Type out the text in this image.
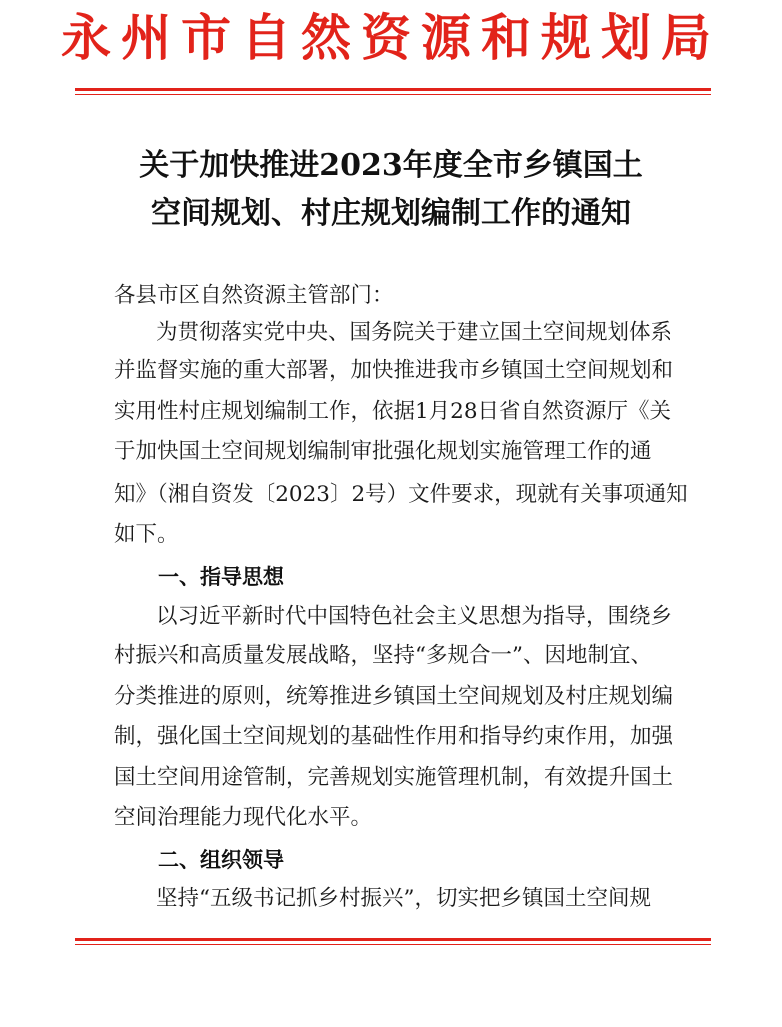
永州市自然资源和规划局
关于加快推进2023年度全市乡镇国土
空间规划、村庄规划编制工作的通知
各县市区自然资源主管部门：
为贯彻落实党中央、国务院关于建立国土空间规划体系
并监督实施的重大部署，加快推进我市乡镇国土空间规划和
实用性村庄规划编制工作，依据1月28日省自然资源厅《关
于加快国土空间规划编制审批强化规划实施管理工作的通
知》（湘自资发〔2023〕2号）文件要求，现就有关事项通知
如下。
一、指导思想
以习近平新时代中国特色社会主义思想为指导，围绕乡
村振兴和高质量发展战略，坚持“多规合一”、因地制宜、
分类推进的原则，统筹推进乡镇国土空间规划及村庄规划编
制，强化国土空间规划的基础性作用和指导约束作用，加强
国土空间用途管制，完善规划实施管理机制，有效提升国土
空间治理能力现代化水平。
二、组织领导
坚持“五级书记抓乡村振兴”，切实把乡镇国土空间规
